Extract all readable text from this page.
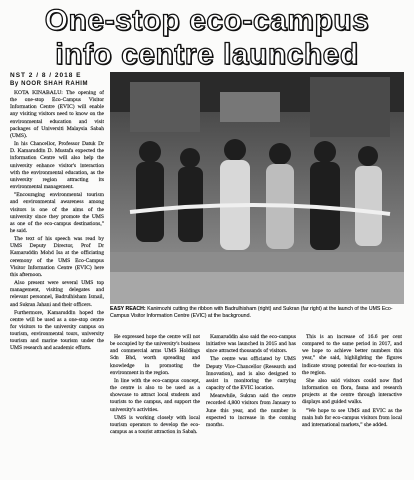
One-stop eco-campus
info centre launched
NST 2 / 8 / 2018 E
By NOOR SHAH RAHIM

KOTA KINABALU: The opening of the one-stop Eco-Campus Visitor Information Centre (EVIC) will enable any visiting visitors need to know on the environmental education and visit packages of Universiti Malaysia Sabah (UMS).

In his Chancellor, Professor Datuk Dr D. Kamaruddin D. Mustafa expected the information Centre will also help the university enhance visitor's interaction with the environmental education, as the university region attracting its environmental management.

"Encouraging environmental tourism and environmental awareness among visitors is one of the aims of the university since they promote the UMS as one of the eco-campus destinations," he said.

The text of his speech was read by UMS Deputy Director, Prof Dr Kamaruddin Mohd Isa at the officiating ceremony of the UMS Eco-Campus Visitor Information Centre (EVIC) here this afternoon.

Also present were several UMS top management, visiting delegates and relevant personnel, Badrulhisham Ismail, and Sukran Jahani and their officers.

Furthermore, Kamaruddin hoped the centre will be used as a one-stop centre for visitors to the university campus on tourism, environmental tours, university tourism and marine tourism under the UMS research and academic efforts.

EASY REACH: Kanimozhi cutting the ribbon with Badrulhisham (right) and Sukran (far right) at the launch of the UMS Eco-Campus Visitor Information Centre (EVIC) at the background.

He expressed hope the centre will not be occupied by the university's business and commercial arms UMS Holdings Sdn Bhd, worth spreading and knowledge in promoting the environment in the region.

In line with the eco-campus concept, the centre is also to be used as a showcase to attract local students and tourists to the campus, and support the university's activities.

UMS is working closely with local tourism operators to develop the eco-campus as a tourist attraction in Sabah.

Kamaruddin also said the eco-campus initiative was launched in 2015 and has since attracted thousands of visitors.

The centre was officiated by UMS Deputy Vice-Chancellor (Research and Innovation), and is also designed to assist in monitoring the carrying capacity of the EVIC location.

Meanwhile, Sukran said the centre recorded 4,800 visitors from January to June this year, and the number is expected to increase in the coming months.

This is an increase of 16.6 per cent compared to the same period in 2017, and we hope to achieve better numbers this year," she said, highlighting the figures indicate strong potential for eco-tourism in the region.

She also said visitors could now find information on flora, fauna and research projects at the centre through interactive displays and guided walks.

"We hope to see UMS and EVIC as the main hub for eco-campus visitors from local and international markets," she added.
